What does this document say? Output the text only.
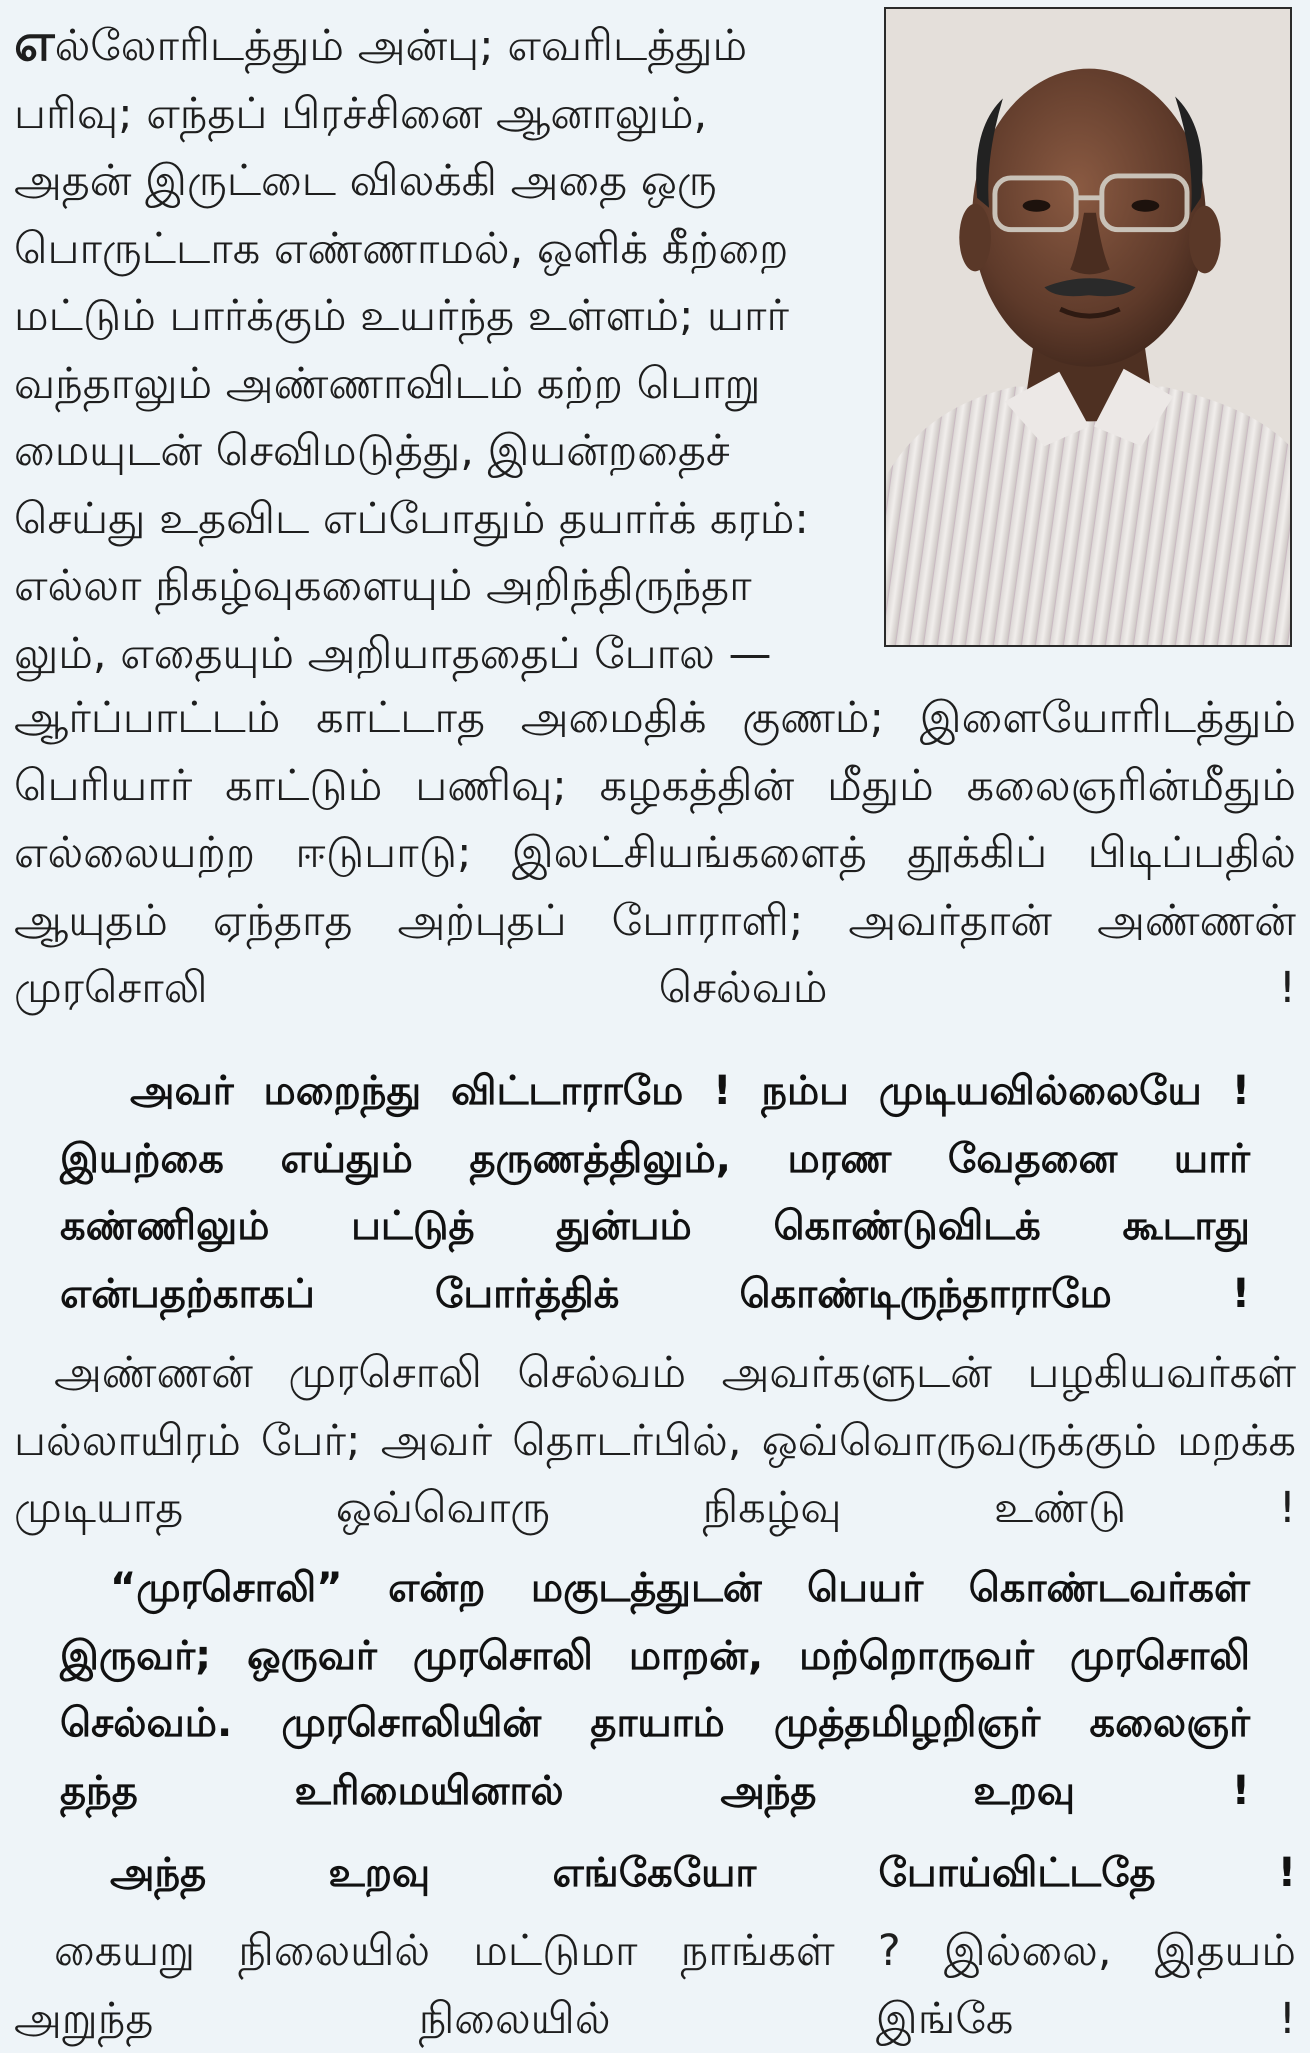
எல்லோரிடத்தும் அன்பு; எவரிடத்தும்
பரிவு; எந்தப் பிரச்சினை ஆனாலும்,
அதன் இருட்டை விலக்கி அதை ஒரு
பொருட்டாக எண்ணாமல், ஒளிக் கீற்றை
மட்டும் பார்க்கும் உயர்ந்த உள்ளம்; யார்
வந்தாலும் அண்ணாவிடம் கற்ற பொறு
மையுடன் செவிமடுத்து, இயன்றதைச்
செய்து உதவிட எப்போதும் தயார்க் கரம்:
எல்லா நிகழ்வுகளையும் அறிந்திருந்தா
லும், எதையும் அறியாததைப் போல —
ஆர்ப்பாட்டம் காட்டாத அமைதிக் குணம்; இளையோரிடத்தும்
பெரியார் காட்டும் பணிவு; கழகத்தின் மீதும் கலைஞரின்மீதும்
எல்லையற்ற ஈடுபாடு; இலட்சியங்களைத் தூக்கிப் பிடிப்பதில்
ஆயுதம் ஏந்தாத அற்புதப் போராளி; அவர்தான் அண்ணன்
முரசொலி செல்வம் !
அவர் மறைந்து விட்டாராமே ! நம்ப முடியவில்லையே !
இயற்கை எய்தும் தருணத்திலும், மரண வேதனை யார்
கண்ணிலும் பட்டுத் துன்பம் கொண்டுவிடக் கூடாது
என்பதற்காகப் போர்த்திக் கொண்டிருந்தாராமே !
அண்ணன் முரசொலி செல்வம் அவர்களுடன் பழகியவர்கள்
பல்லாயிரம் பேர்; அவர் தொடர்பில், ஒவ்வொருவருக்கும் மறக்க
முடியாத ஒவ்வொரு நிகழ்வு உண்டு !
“முரசொலி” என்ற மகுடத்துடன் பெயர் கொண்டவர்கள்
இருவர்; ஒருவர் முரசொலி மாறன், மற்றொருவர் முரசொலி
செல்வம். முரசொலியின் தாயாம் முத்தமிழறிஞர் கலைஞர்
தந்த உரிமையினால் அந்த உறவு !
அந்த உறவு எங்கேயோ போய்விட்டதே !
கையறு நிலையில் மட்டுமா நாங்கள் ? இல்லை, இதயம்
அறுந்த நிலையில் இங்கே !
